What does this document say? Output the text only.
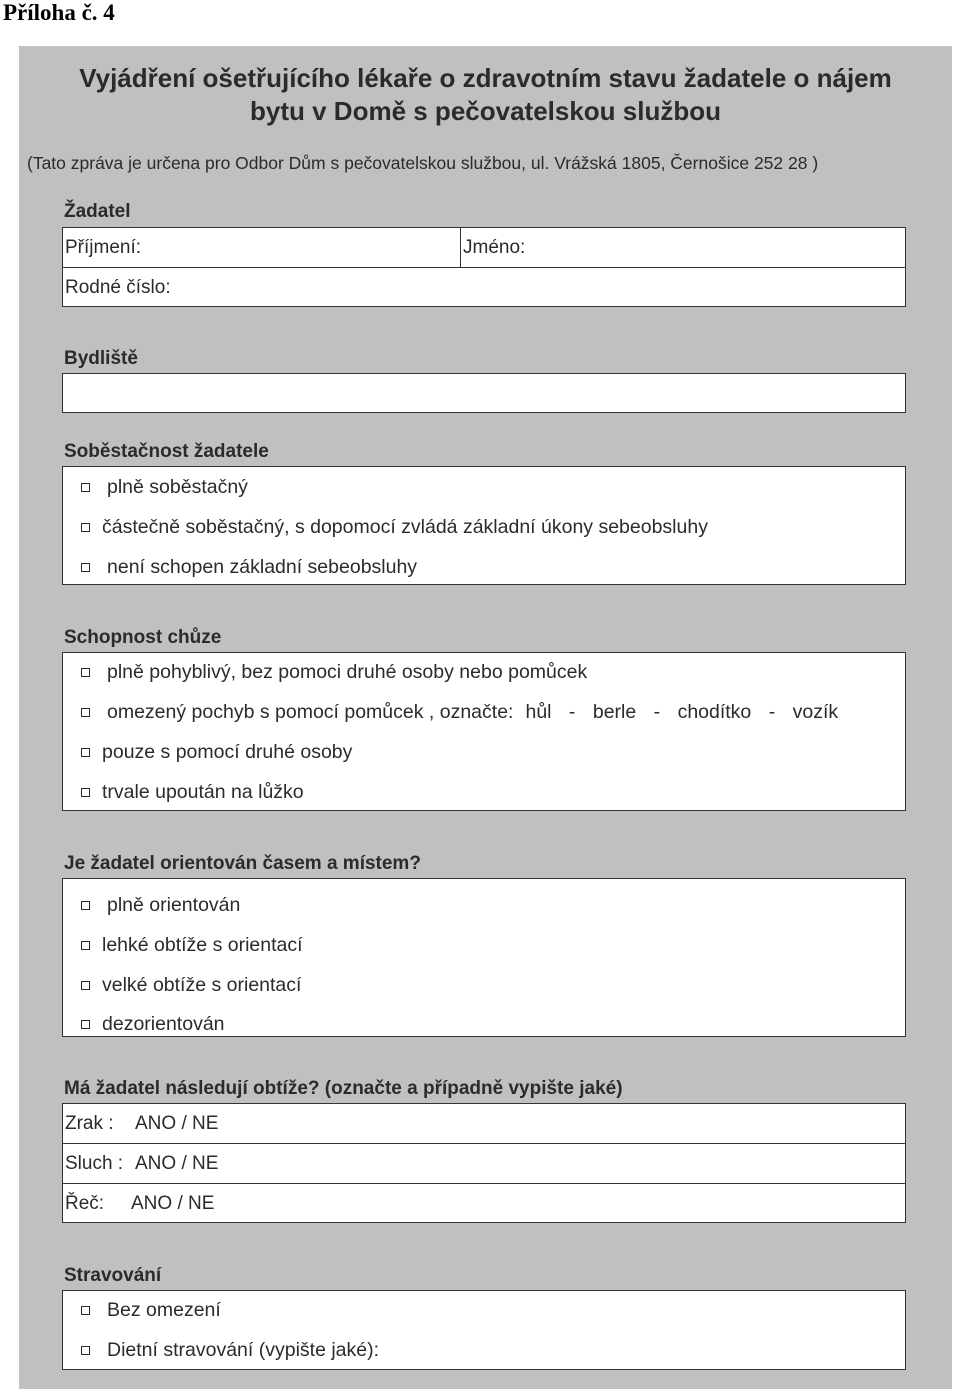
Příloha č. 4
Vyjádření ošetřujícího lékaře o zdravotním stavu žadatele o nájem
bytu v Domě s pečovatelskou službou
(Tato zpráva je určena pro Odbor Dům s pečovatelskou službou, ul. Vrážská 1805, Černošice 252 28 )
Žadatel
Příjmení:	Jméno:
Rodné číslo:
Bydliště
Soběstačnost žadatele
plně soběstačný
částečně soběstačný, s dopomocí zvládá základní úkony sebeobsluhy
není schopen základní sebeobsluhy
Schopnost chůze
plně pohyblivý, bez pomoci druhé osoby nebo pomůcek
omezený pochyb s pomocí pomůcek , označte: hůl - berle - chodítko - vozík
pouze s pomocí druhé osoby
trvale upoután na lůžko
Je žadatel orientován časem a místem?
plně orientován
lehké obtíže s orientací
velké obtíže s orientací
dezorientován
Má žadatel následují obtíže? (označte a případně vypište jaké)
Zrak :	ANO / NE
Sluch : ANO / NE
Řeč:	ANO / NE
Stravování
Bez omezení
Dietní stravování (vypište jaké):
